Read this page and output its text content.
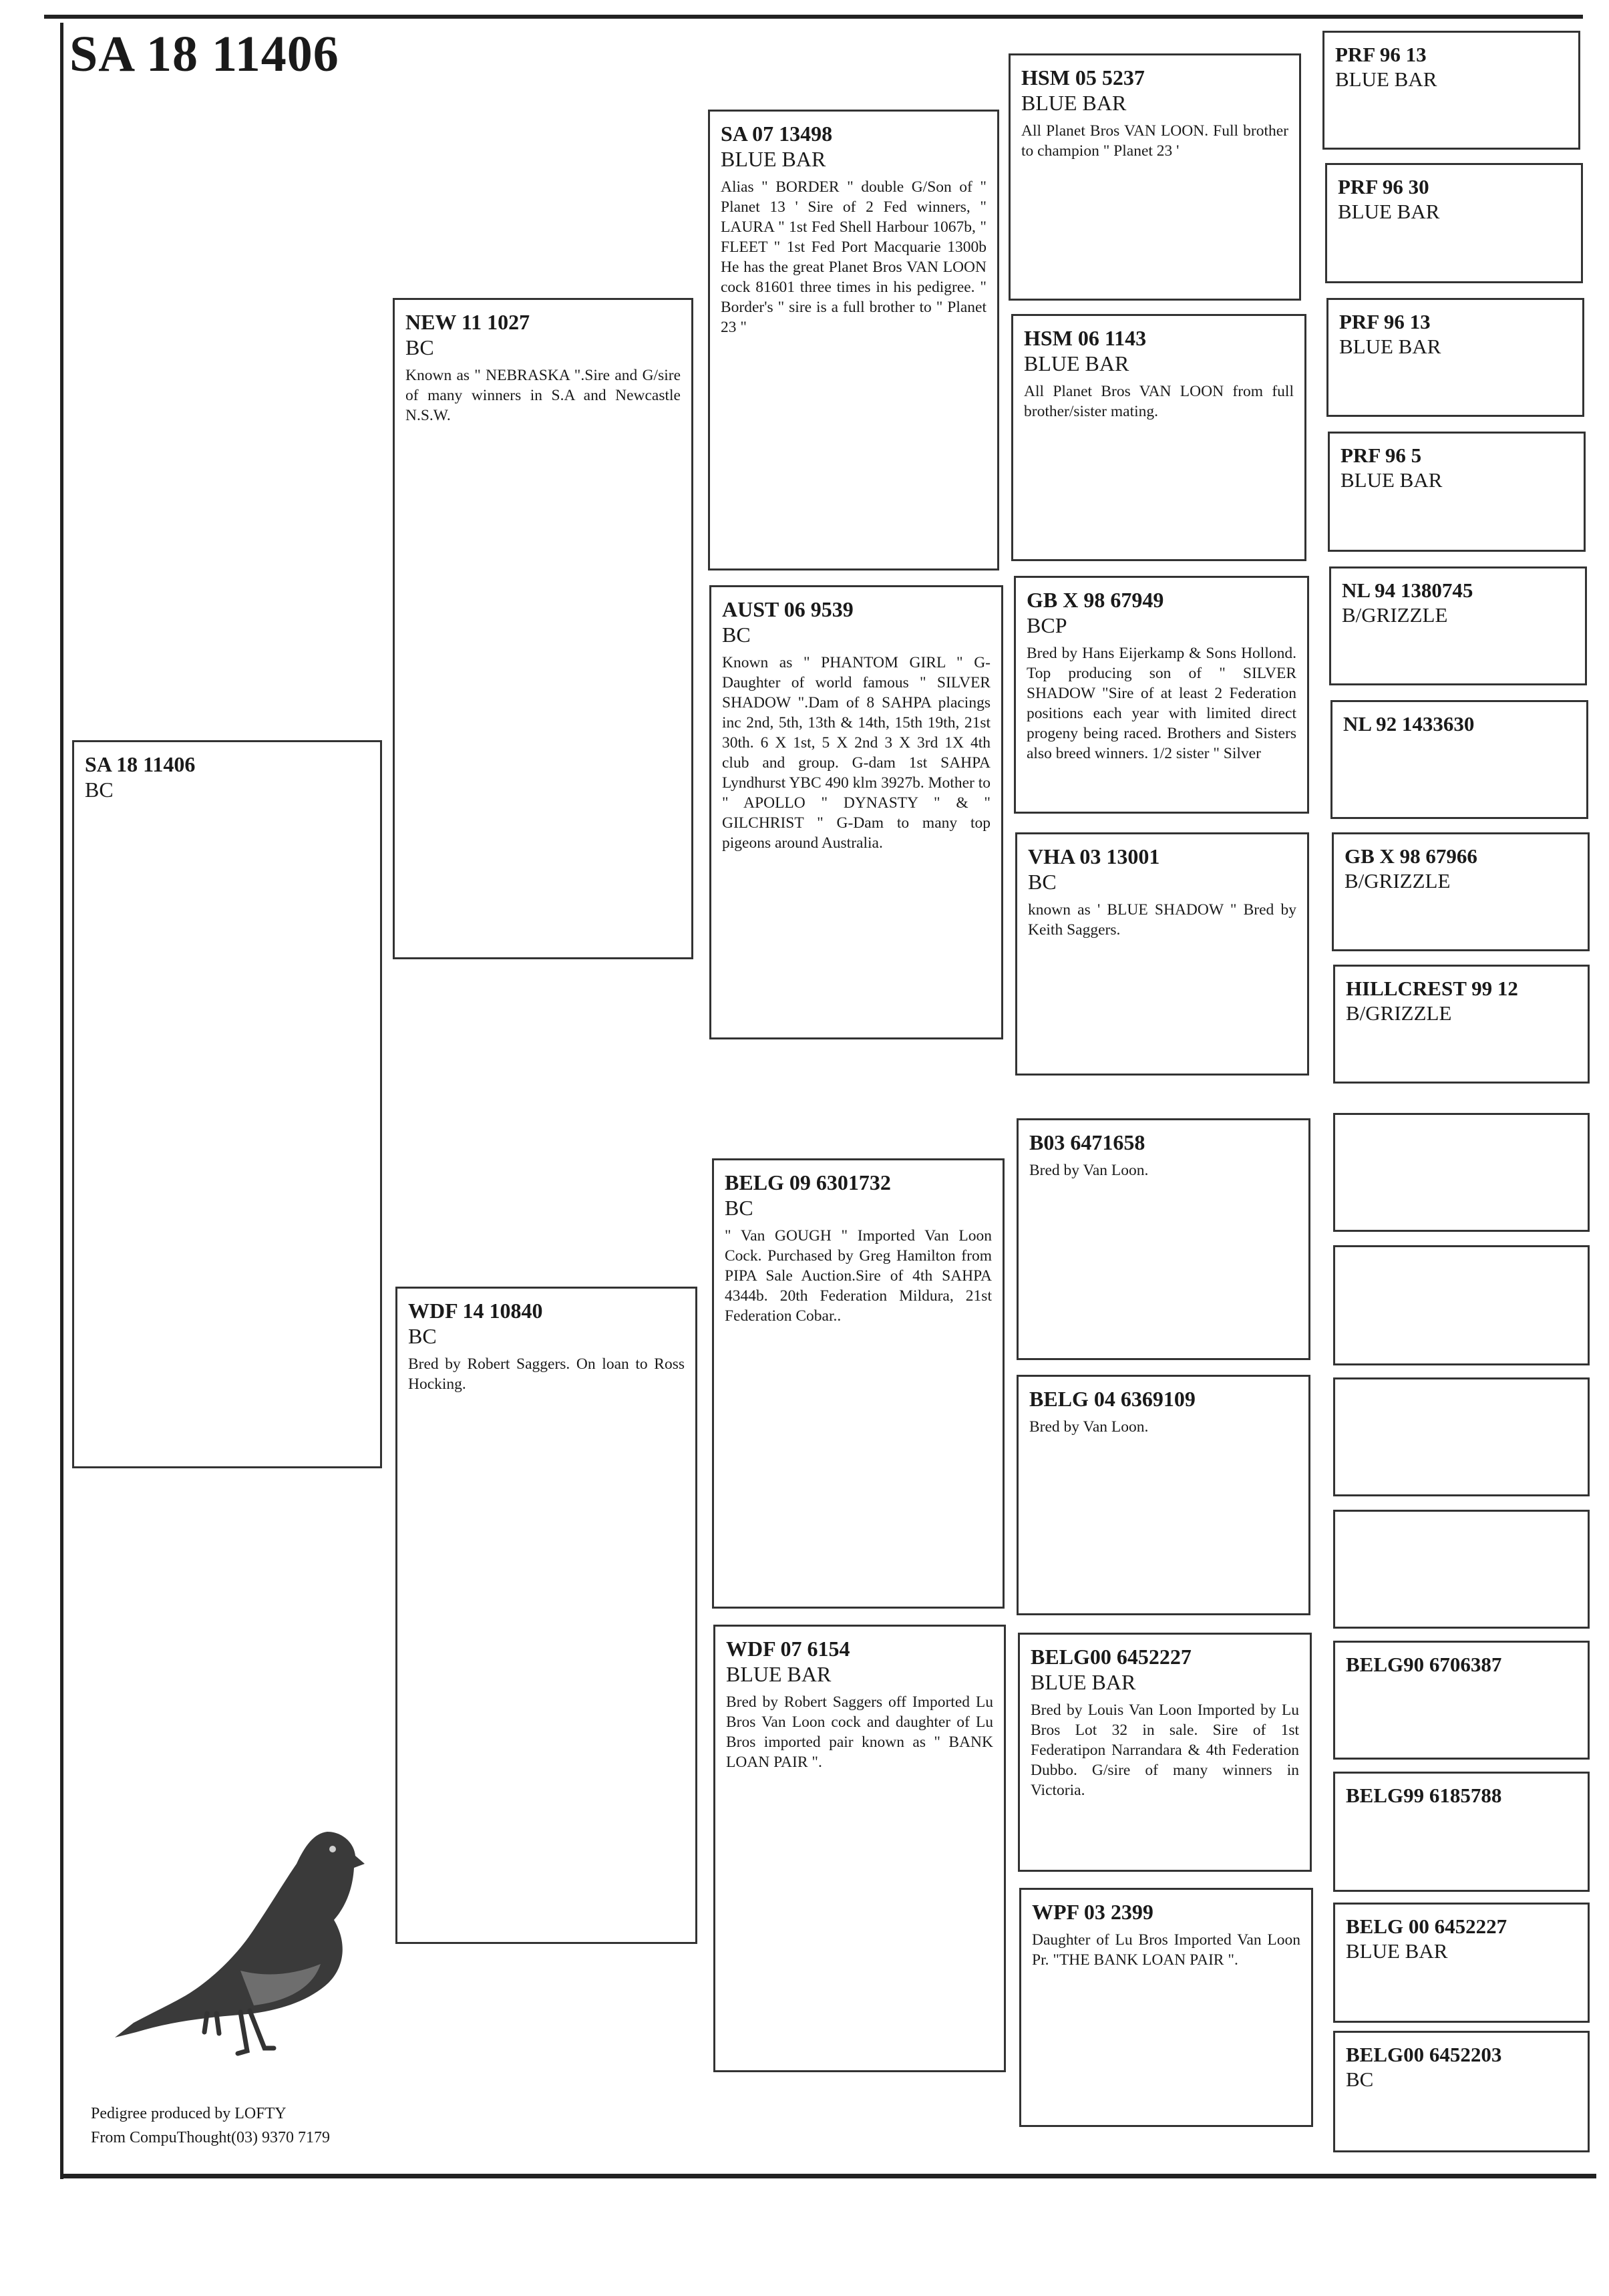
SA 18 11406
SA 18 11406
BC
NEW 11 1027
BC
Known as " NEBRASKA ".Sire and G/sire of many winners in S.A and Newcastle N.S.W.
WDF 14 10840
BC
Bred by Robert Saggers. On loan to Ross Hocking.
SA 07 13498
BLUE BAR
Alias " BORDER " double G/Son of " Planet 13 ' Sire of 2 Fed winners, " LAURA " 1st Fed Shell Harbour 1067b, " FLEET " 1st Fed Port Macquarie 1300b He has the great Planet Bros VAN LOON cock 81601 three times in his pedigree. " Border's " sire is a full brother to " Planet 23 "
AUST 06 9539
BC
Known as " PHANTOM GIRL " G-Daughter of world famous " SILVER SHADOW ".Dam of 8 SAHPA placings inc 2nd, 5th, 13th & 14th, 15th 19th, 21st 30th. 6 X 1st, 5 X 2nd 3 X 3rd 1X 4th club and group. G-dam 1st SAHPA Lyndhurst YBC 490 klm 3927b. Mother to " APOLLO " DYNASTY " & " GILCHRIST " G-Dam to many top pigeons around Australia.
BELG 09 6301732
BC
" Van GOUGH " Imported Van Loon Cock. Purchased by Greg Hamilton from PIPA Sale Auction.Sire of 4th SAHPA 4344b. 20th Federation Mildura, 21st Federation Cobar..
WDF 07 6154
BLUE BAR
Bred by Robert Saggers off Imported Lu Bros Van Loon cock and daughter of Lu Bros imported pair known as " BANK LOAN PAIR ".
HSM 05 5237
BLUE BAR
All Planet Bros VAN LOON. Full brother to champion " Planet 23 '
HSM 06 1143
BLUE BAR
All Planet Bros VAN LOON from full brother/sister mating.
GB X 98 67949
BCP
Bred by Hans Eijerkamp & Sons Hollond. Top producing son of " SILVER SHADOW "Sire of at least 2 Federation positions each year with limited direct progeny being raced. Brothers and Sisters also breed winners. 1/2 sister " Silver
VHA 03 13001
BC
known as ' BLUE SHADOW " Bred by Keith Saggers.
B03 6471658
Bred by Van Loon.
BELG 04 6369109
Bred by Van Loon.
BELG00 6452227
BLUE BAR
Bred by Louis Van Loon Imported by Lu Bros Lot 32 in sale. Sire of 1st Federatipon Narrandara & 4th Federation Dubbo. G/sire of many winners in Victoria.
WPF 03 2399
Daughter of Lu Bros Imported Van Loon Pr. "THE BANK LOAN PAIR ".
PRF 96 13
BLUE BAR
PRF 96 30
BLUE BAR
PRF 96 13
BLUE BAR
PRF 96 5
BLUE BAR
NL 94 1380745
B/GRIZZLE
NL 92 1433630
GB X 98 67966
B/GRIZZLE
HILLCREST 99 12
B/GRIZZLE
BELG90 6706387
BELG99 6185788
BELG 00 6452227
BLUE BAR
BELG00 6452203
BC
Pedigree produced by LOFTY
From CompuThought(03) 9370 7179
